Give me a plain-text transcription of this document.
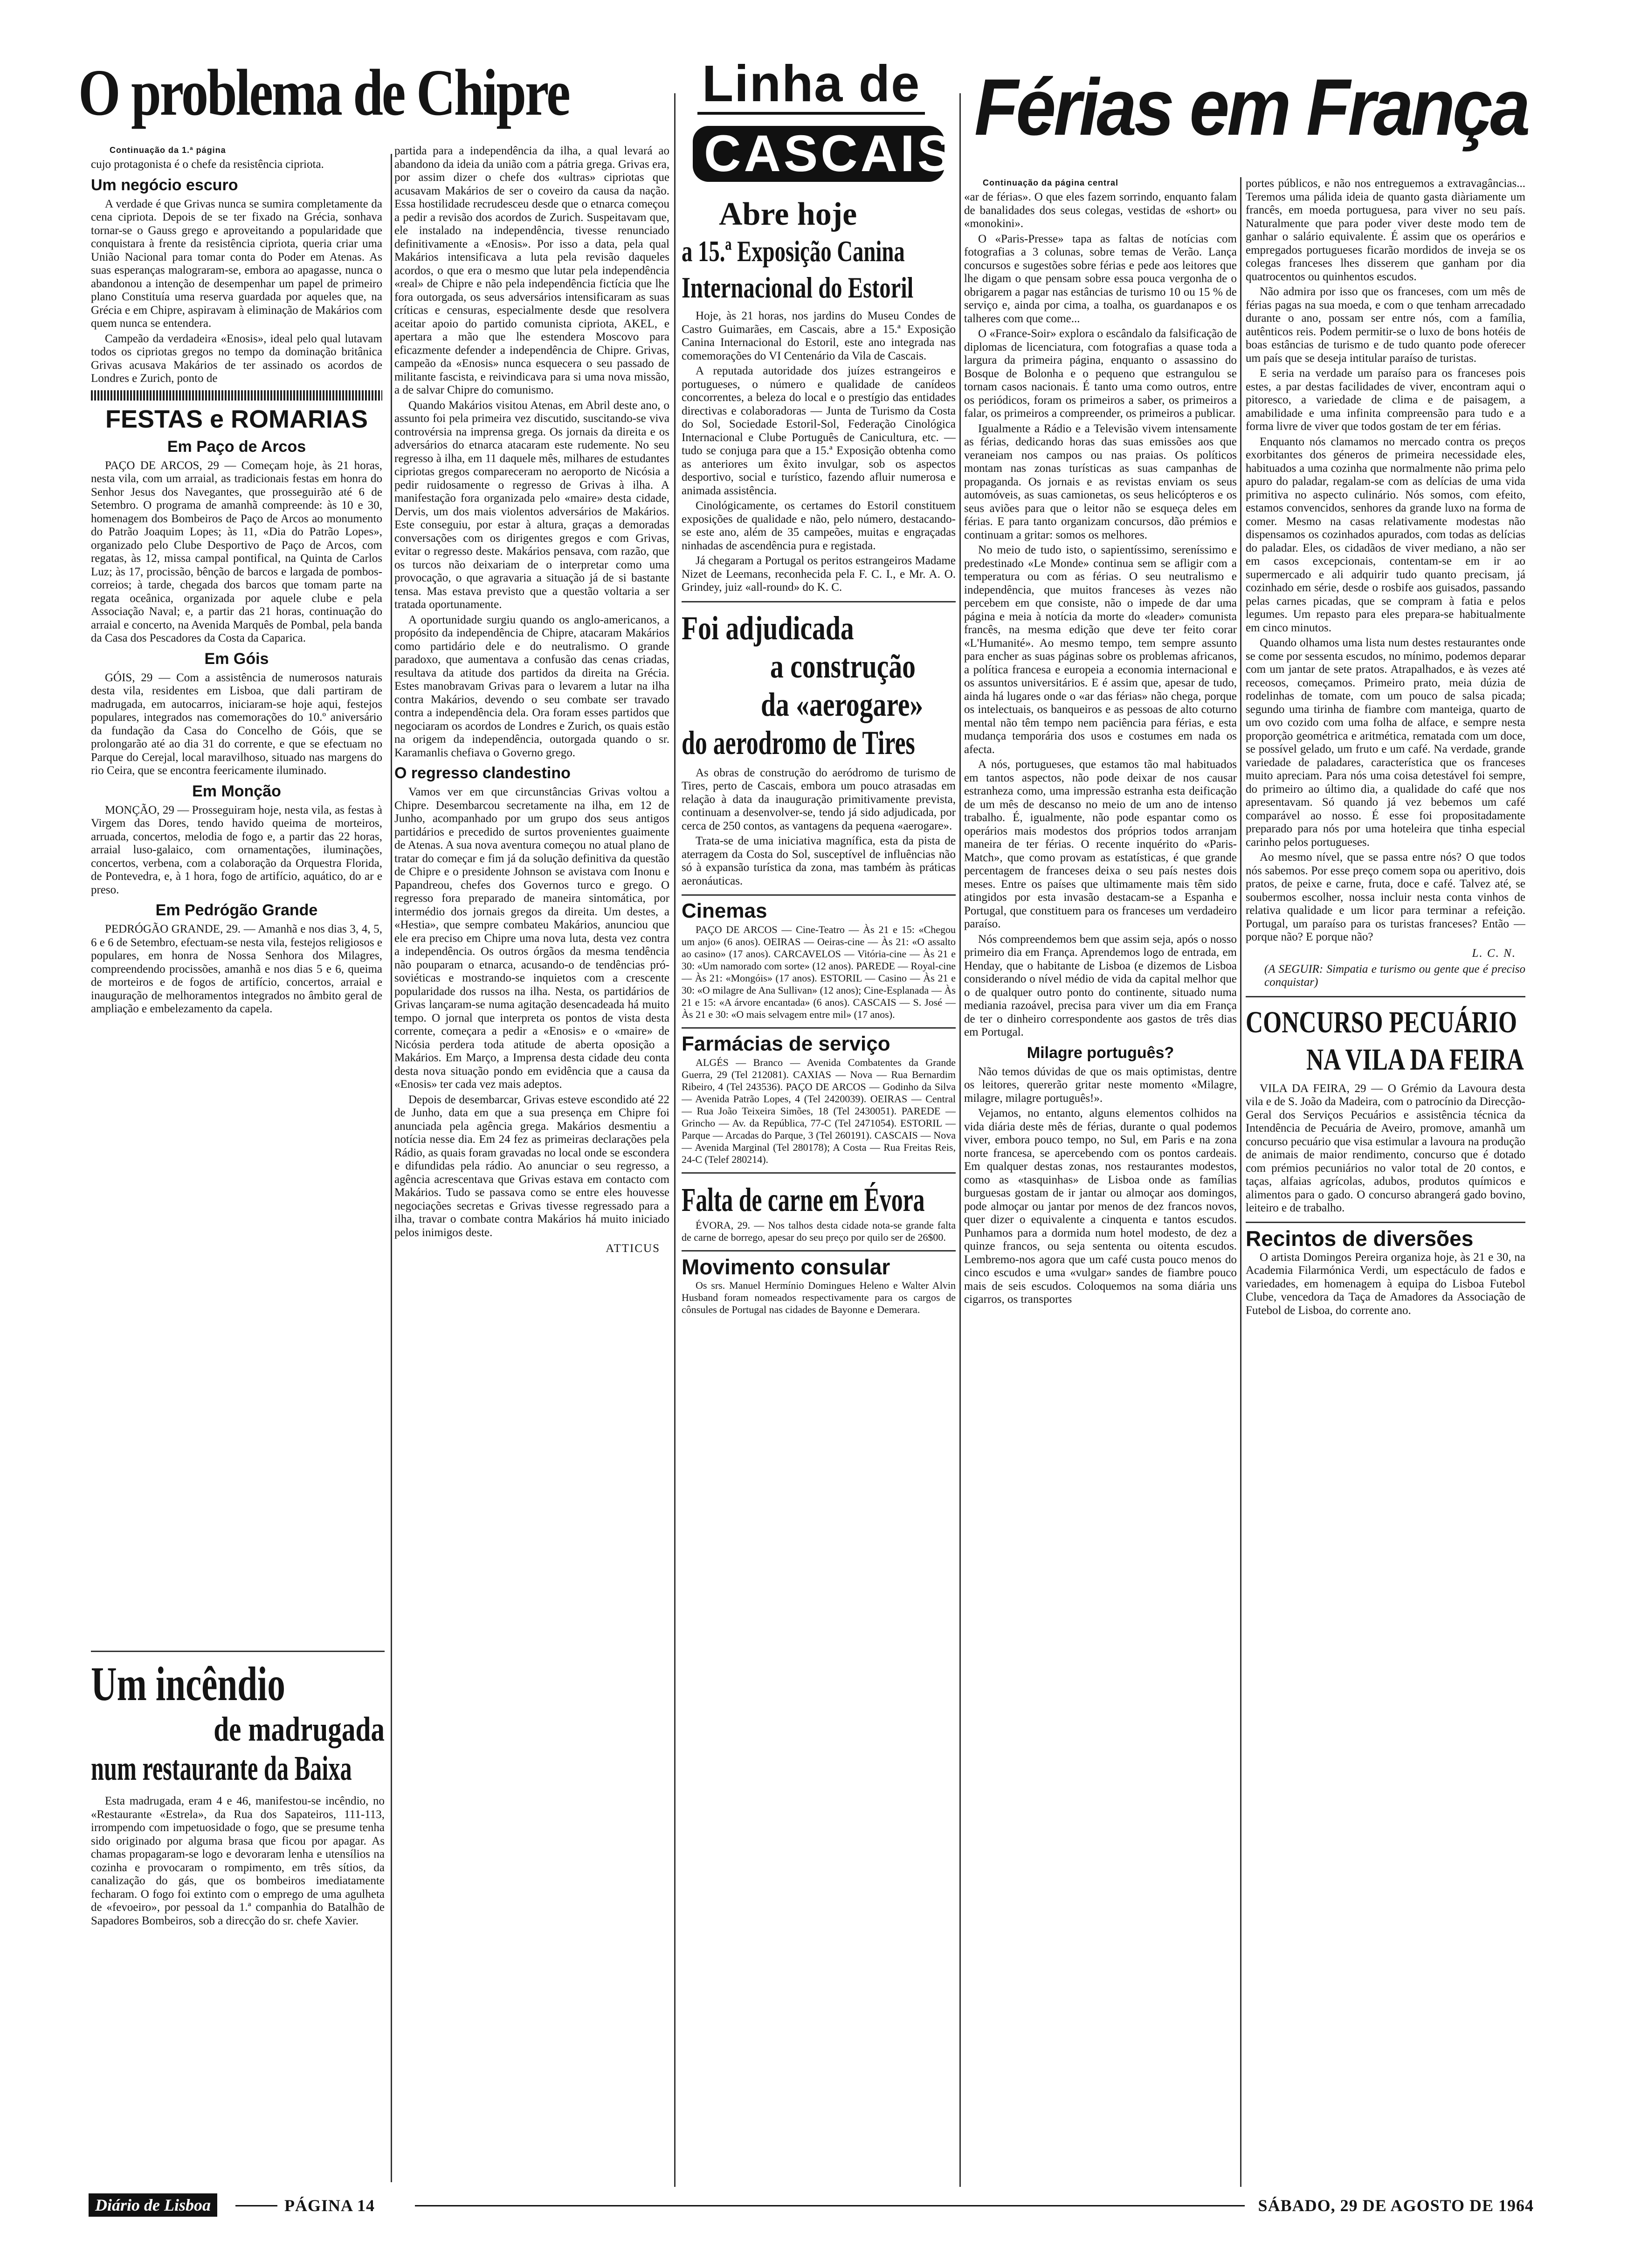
O problema de Chipre	Linha de
CASCAIS
Férias em França
Continuação da 1.ª página

cujo protagonista é o chefe da resistência cipriota.

Um negócio escuro

A verdade é que Grivas nunca se sumira completamente da cena cipriota. Depois de se ter fixado na Grécia, sonhava tornar-se o Gauss grego e aproveitando a popularidade que conquistara à frente da resistência cipriota, queria criar uma União Nacional para tomar conta do Poder em Atenas. As suas esperanças malograram-se, embora ao apagasse, nunca o abandonou a intenção de desempenhar um papel de primeiro plano Constituía uma reserva guardada por aqueles que, na Grécia e em Chipre, aspiravam à eliminação de Makários com quem nunca se entendera.

Campeão da verdadeira «Enosis», ideal pelo qual lutavam todos os cipriotas gregos no tempo da dominação britânica Grivas acusava Makários de ter assinado os acordos de Londres e Zurich, ponto de

FESTAS e ROMARIAS
Em Paço de Arcos

PAÇO DE ARCOS, 29 — Começam hoje, às 21 horas, nesta vila, com um arraial, as tradicionais festas em honra do Senhor Jesus dos Navegantes, que prosseguirão até 6 de Setembro. O programa de amanhã compreende: às 10 e 30, homenagem dos Bombeiros de Paço de Arcos ao monumento do Patrão Joaquim Lopes; às 11, «Dia do Patrão Lopes», organizado pelo Clube Desportivo de Paço de Arcos, com regatas, às 12, missa campal pontifical, na Quinta de Carlos Luz; às 17, procissão, bênção de barcos e largada de pombos-correios; à tarde, chegada dos barcos que tomam parte na regata oceânica, organizada por aquele clube e pela Associação Naval; e, a partir das 21 horas, continuação do arraial e concerto, na Avenida Marquês de Pombal, pela banda da Casa dos Pescadores da Costa da Caparica.

Em Góis

GÓIS, 29 — Com a assistência de numerosos naturais desta vila, residentes em Lisboa, que dali partiram de madrugada, em autocarros, iniciaram-se hoje aqui, festejos populares, integrados nas comemorações do 10.º aniversário da fundação da Casa do Concelho de Góis, que se prolongarão até ao dia 31 do corrente, e que se efectuam no Parque do Cerejal, local maravilhoso, situado nas margens do rio Ceira, que se encontra feericamente iluminado.

Em Monção

MONÇÃO, 29 — Prosseguiram hoje, nesta vila, as festas à Virgem das Dores, tendo havido queima de morteiros, arruada, concertos, melodia de fogo e, a partir das 22 horas, arraial luso-galaico, com ornamentações, iluminações, concertos, verbena, com a colaboração da Orquestra Florida, de Pontevedra, e, à 1 hora, fogo de artifício, aquático, do ar e preso.

Em Pedrógão Grande

PEDRÓGÃO GRANDE, 29. — Amanhã e nos dias 3, 4, 5, 6 e 6 de Setembro, efectuam-se nesta vila, festejos religiosos e populares, em honra de Nossa Senhora dos Milagres, compreendendo procissões, amanhã e nos dias 5 e 6, queima de morteiros e de fogos de artifício, concertos, arraial e inauguração de melhoramentos integrados no âmbito geral de ampliação e embelezamento da capela.

Um incêndio
de madrugada
num restaurante da Baixa

Esta madrugada, eram 4 e 46, manifestou-se incêndio, no «Restaurante «Estrela», da Rua dos Sapateiros, 111-113, irrompendo com impetuosidade o fogo, que se presume tenha sido originado por alguma brasa que ficou por apagar. As chamas propagaram-se logo e devoraram lenha e utensílios na cozinha e provocaram o rompimento, em três sítios, da canalização do gás, que os bombeiros imediatamente fecharam. O fogo foi extinto com o emprego de uma agulheta de «fevoeiro», por pessoal da 1.ª companhia do Batalhão de Sapadores Bombeiros, sob a direcção do sr. chefe Xavier.

partida para a independência da ilha, a qual levará ao abandono da ideia da união com a pátria grega. Grivas era, por assim dizer o chefe dos «ultras» cipriotas que acusavam Makários de ser o coveiro da causa da nação. Essa hostilidade recrudesceu desde que o etnarca começou a pedir a revisão dos acordos de Zurich. Suspeitavam que, ele instalado na independência, tivesse renunciado definitivamente a «Enosis». Por isso a data, pela qual Makários intensificava a luta pela revisão daqueles acordos, o que era o mesmo que lutar pela independência «real» de Chipre e não pela independência fictícia que lhe fora outorgada, os seus adversários intensificaram as suas críticas e censuras, especialmente desde que resolvera aceitar apoio do partido comunista cipriota, AKEL, e apertara a mão que lhe estendera Moscovo para eficazmente defender a independência de Chipre. Grivas, campeão da «Enosis» nunca esquecera o seu passado de militante fascista, e reivindicava para si uma nova missão, a de salvar Chipre do comunismo.

Quando Makários visitou Atenas, em Abril deste ano, o assunto foi pela primeira vez discutido, suscitando-se viva controvérsia na imprensa grega. Os jornais da direita e os adversários do etnarca atacaram este rudemente. No seu regresso à ilha, em 11 daquele mês, milhares de estudantes cipriotas gregos compareceram no aeroporto de Nicósia a pedir ruidosamente o regresso de Grivas à ilha. A manifestação fora organizada pelo «maire» desta cidade, Dervis, um dos mais violentos adversários de Makários. Este conseguiu, por estar à altura, graças a demoradas conversações com os dirigentes gregos e com Grivas, evitar o regresso deste. Makários pensava, com razão, que os turcos não deixariam de o interpretar como uma provocação, o que agravaria a situação já de si bastante tensa. Mas estava previsto que a questão voltaria a ser tratada oportunamente.

A oportunidade surgiu quando os anglo-americanos, a propósito da independência de Chipre, atacaram Makários como partidário dele e do neutralismo. O grande paradoxo, que aumentava a confusão das cenas criadas, resultava da atitude dos partidos da direita na Grécia. Estes manobravam Grivas para o levarem a lutar na ilha contra Makários, devendo o seu combate ser travado contra a independência dela. Ora foram esses partidos que negociaram os acordos de Londres e Zurich, os quais estão na origem da independência, outorgada quando o sr. Karamanlis chefiava o Governo grego.

O regresso clandestino

Vamos ver em que circunstâncias Grivas voltou a Chipre. Desembarcou secretamente na ilha, em 12 de Junho, acompanhado por um grupo dos seus antigos partidários e precedido de surtos provenientes guaimente de Atenas. A sua nova aventura começou no atual plano de tratar do começar e fim já da solução definitiva da questão de Chipre e o presidente Johnson se avistava com Inonu e Papandreou, chefes dos Governos turco e grego. O regresso fora preparado de maneira sintomática, por intermédio dos jornais gregos da direita. Um destes, a «Hestia», que sempre combateu Makários, anunciou que ele era preciso em Chipre uma nova luta, desta vez contra a independência. Os outros órgãos da mesma tendência não pouparam o etnarca, acusando-o de tendências pró-soviéticas e mostrando-se inquietos com a crescente popularidade dos russos na ilha. Nesta, os partidários de Grivas lançaram-se numa agitação desencadeada há muito tempo. O jornal que interpreta os pontos de vista desta corrente, começara a pedir a «Enosis» e o «maire» de Nicósia perdera toda atitude de aberta oposição a Makários. Em Março, a Imprensa desta cidade deu conta desta nova situação pondo em evidência que a causa da «Enosis» ter cada vez mais adeptos.

Depois de desembarcar, Grivas esteve escondido até 22 de Junho, data em que a sua presença em Chipre foi anunciada pela agência grega. Makários desmentiu a notícia nesse dia. Em 24 fez as primeiras declarações pela Rádio, as quais foram gravadas no local onde se escondera e difundidas pela rádio. Ao anunciar o seu regresso, a agência acrescentava que Grivas estava em contacto com Makários. Tudo se passava como se entre eles houvesse negociações secretas e Grivas tivesse regressado para a ilha, travar o combate contra Makários há muito iniciado pelos inimigos deste.

ATTICUS
Abre hoje
a 15.ª Exposição Canina
Internacional do Estoril

Hoje, às 21 horas, nos jardins do Museu Condes de Castro Guimarães, em Cascais, abre a 15.ª Exposição Canina Internacional do Estoril, este ano integrada nas comemorações do VI Centenário da Vila de Cascais.

A reputada autoridade dos juízes estrangeiros e portugueses, o número e qualidade de canídeos concorrentes, a beleza do local e o prestígio das entidades directivas e colaboradoras — Junta de Turismo da Costa do Sol, Sociedade Estoril-Sol, Federação Cinológica Internacional e Clube Português de Canicultura, etc. — tudo se conjuga para que a 15.ª Exposição obtenha como as anteriores um êxito invulgar, sob os aspectos desportivo, social e turístico, fazendo afluir numerosa e animada assistência.

Cinológicamente, os certames do Estoril constituem exposições de qualidade e não, pelo número, destacando-se este ano, além de 35 campeões, muitas e engraçadas ninhadas de ascendência pura e registada.

Já chegaram a Portugal os peritos estrangeiros Madame Nizet de Leemans, reconhecida pela F. C. I., e Mr. A. O. Grindey, juiz «all-round» do K. C.

Foi adjudicada
a construção
da «aerogare»
do aerodromo de Tires

As obras de construção do aeródromo de turismo de Tires, perto de Cascais, embora um pouco atrasadas em relação à data da inauguração primitivamente prevista, continuam a desenvolver-se, tendo já sido adjudicada, por cerca de 250 contos, as vantagens da pequena «aerogare».

Trata-se de uma iniciativa magnífica, esta da pista de aterragem da Costa do Sol, susceptível de influências não só à expansão turística da zona, mas também às práticas aeronáuticas.

Cinemas

PAÇO DE ARCOS — Cine-Teatro — Às 21 e 15: «Chegou um anjo» (6 anos). OEIRAS — Oeiras-cine — Às 21: «O assalto ao casino» (17 anos). CARCAVELOS — Vitória-cine — Às 21 e 30: «Um namorado com sorte» (12 anos). PAREDE — Royal-cine — Às 21: «Mongóis» (17 anos). ESTORIL — Casino — Às 21 e 30: «O milagre de Ana Sullivan» (12 anos); Cine-Esplanada — Às 21 e 15: «A árvore encantada» (6 anos). CASCAIS — S. José — Às 21 e 30: «O mais selvagem entre mil» (17 anos).

Farmácias de serviço

ALGÉS — Branco — Avenida Combatentes da Grande Guerra, 29 (Tel 212081). CAXIAS — Nova — Rua Bernardim Ribeiro, 4 (Tel 243536). PAÇO DE ARCOS — Godinho da Silva — Avenida Patrão Lopes, 4 (Tel 2420039). OEIRAS — Central — Rua João Teixeira Simões, 18 (Tel 2430051). PAREDE — Grincho — Av. da República, 77-C (Tel 2471054). ESTORIL — Parque — Arcadas do Parque, 3 (Tel 260191). CASCAIS — Nova — Avenida Marginal (Tel 280178); A Costa — Rua Freitas Reis, 24-C (Telef 280214).

Falta de carne em Évora

ÉVORA, 29. — Nos talhos desta cidade nota-se grande falta de carne de borrego, apesar do seu preço por quilo ser de 26$00.

Movimento consular

Os srs. Manuel Hermínio Domingues Heleno e Walter Alvin Husband foram nomeados respectivamente para os cargos de cônsules de Portugal nas cidades de Bayonne e Demerara.

Continuação da página central

«ar de férias». O que eles fazem sorrindo, enquanto falam de banalidades dos seus colegas, vestidas de «short» ou «monokini».

O «Paris-Presse» tapa as faltas de notícias com fotografias a 3 colunas, sobre temas de Verão. Lança concursos e sugestões sobre férias e pede aos leitores que lhe digam o que pensam sobre essa pouca vergonha de o obrigarem a pagar nas estâncias de turismo 10 ou 15 % de serviço e, ainda por cima, a toalha, os guardanapos e os talheres com que come...

O «France-Soir» explora o escândalo da falsificação de diplomas de licenciatura, com fotografias a quase toda a largura da primeira página, enquanto o assassino do Bosque de Bolonha e o pequeno que estrangulou se tornam casos nacionais. É tanto uma como outros, entre os periódicos, foram os primeiros a saber, os primeiros a falar, os primeiros a compreender, os primeiros a publicar.

Igualmente a Rádio e a Televisão vivem intensamente as férias, dedicando horas das suas emissões aos que veraneiam nos campos ou nas praias. Os políticos montam nas zonas turísticas as suas campanhas de propaganda. Os jornais e as revistas enviam os seus automóveis, as suas camionetas, os seus helicópteros e os seus aviões para que o leitor não se esqueça deles em férias. E para tanto organizam concursos, dão prémios e continuam a gritar: somos os melhores.

No meio de tudo isto, o sapientíssimo, sereníssimo e predestinado «Le Monde» continua sem se afligir com a temperatura ou com as férias. O seu neutralismo e independência, que muitos franceses às vezes não percebem em que consiste, não o impede de dar uma página e meia à notícia da morte do «leader» comunista francês, na mesma edição que deve ter feito corar «L'Humanité». Ao mesmo tempo, tem sempre assunto para encher as suas páginas sobre os problemas africanos, a política francesa e europeia a economia internacional e os assuntos universitários. E é assim que, apesar de tudo, ainda há lugares onde o «ar das férias» não chega, porque os intelectuais, os banqueiros e as pessoas de alto coturno mental não têm tempo nem paciência para férias, e esta mudança temporária dos usos e costumes em nada os afecta.

A nós, portugueses, que estamos tão mal habituados em tantos aspectos, não pode deixar de nos causar estranheza como, uma impressão estranha esta deificação de um mês de descanso no meio de um ano de intenso trabalho. É, igualmente, não pode espantar como os operários mais modestos dos próprios todos arranjam maneira de ter férias. O recente inquérito do «Paris-Match», que como provam as estatísticas, é que grande percentagem de franceses deixa o seu país nestes dois meses. Entre os países que ultimamente mais têm sido atingidos por esta invasão destacam-se a Espanha e Portugal, que constituem para os franceses um verdadeiro paraíso.

Nós compreendemos bem que assim seja, após o nosso primeiro dia em França. Aprendemos logo de entrada, em Henday, que o habitante de Lisboa (e dizemos de Lisboa considerando o nível médio de vida da capital melhor que o de qualquer outro ponto do continente, situado numa mediania razoável, precisa para viver um dia em França de ter o dinheiro correspondente aos gastos de três dias em Portugal.

Milagre português?

Não temos dúvidas de que os mais optimistas, dentre os leitores, quererão gritar neste momento «Milagre, milagre, milagre português!».

Vejamos, no entanto, alguns elementos colhidos na vida diária deste mês de férias, durante o qual podemos viver, embora pouco tempo, no Sul, em Paris e na zona norte francesa, se apercebendo com os pontos cardeais. Em qualquer destas zonas, nos restaurantes modestos, como as «tasquinhas» de Lisboa onde as famílias burguesas gostam de ir jantar ou almoçar aos domingos, pode almoçar ou jantar por menos de dez francos novos, quer dizer o equivalente a cinquenta e tantos escudos. Punhamos para a dormida num hotel modesto, de dez a quinze francos, ou seja sententa ou oitenta escudos. Lembremo-nos agora que um café custa pouco menos do cinco escudos e uma «vulgar» sandes de fiambre pouco mais de seis escudos. Coloquemos na soma diária uns cigarros, os transportes

portes públicos, e não nos entreguemos a extravagâncias... Teremos uma pálida ideia de quanto gasta diàriamente um francês, em moeda portuguesa, para viver no seu país. Naturalmente que para poder viver deste modo tem de ganhar o salário equivalente. É assim que os operários e empregados portugueses ficarão mordidos de inveja se os colegas franceses lhes disserem que ganham por dia quatrocentos ou quinhentos escudos.

Não admira por isso que os franceses, com um mês de férias pagas na sua moeda, e com o que tenham arrecadado durante o ano, possam ser entre nós, com a família, autênticos reis. Podem permitir-se o luxo de bons hotéis de boas estâncias de turismo e de tudo quanto pode oferecer um país que se deseja intitular paraíso de turistas.

E seria na verdade um paraíso para os franceses pois estes, a par destas facilidades de viver, encontram aqui o pitoresco, a variedade de clima e de paisagem, a amabilidade e uma infinita compreensão para tudo e a forma livre de viver que todos gostam de ter em férias.

Enquanto nós clamamos no mercado contra os preços exorbitantes dos géneros de primeira necessidade eles, habituados a uma cozinha que normalmente não prima pelo apuro do paladar, regalam-se com as delícias de uma vida primitiva no aspecto culinário. Nós somos, com efeito, estamos convencidos, senhores da grande luxo na forma de comer. Mesmo na casas relativamente modestas não dispensamos os cozinhados apurados, com todas as delícias do paladar. Eles, os cidadãos de viver mediano, a não ser em casos excepcionais, contentam-se em ir ao supermercado e ali adquirir tudo quanto precisam, já cozinhado em série, desde o rosbife aos guisados, passando pelas carnes picadas, que se compram à fatia e pelos legumes. Um repasto para eles prepara-se habitualmente em cinco minutos.

Quando olhamos uma lista num destes restaurantes onde se come por sessenta escudos, no mínimo, podemos deparar com um jantar de sete pratos. Atrapalhados, e às vezes até receosos, começamos. Primeiro prato, meia dúzia de rodelinhas de tomate, com um pouco de salsa picada; segundo uma tirinha de fiambre com manteiga, quarto de um ovo cozido com uma folha de alface, e sempre nesta proporção geométrica e aritmética, rematada com um doce, se possível gelado, um fruto e um café. Na verdade, grande variedade de paladares, característica que os franceses muito apreciam. Para nós uma coisa detestável foi sempre, do primeiro ao último dia, a qualidade do café que nos apresentavam. Só quando já vez bebemos um café comparável ao nosso. É esse foi propositadamente preparado para nós por uma hoteleira que tinha especial carinho pelos portugueses.

Ao mesmo nível, que se passa entre nós? O que todos nós sabemos. Por esse preço comem sopa ou aperitivo, dois pratos, de peixe e carne, fruta, doce e café. Talvez até, se soubermos escolher, nossa incluir nesta conta vinhos de relativa qualidade e um licor para terminar a refeição. Portugal, um paraíso para os turistas franceses? Então — porque não? E porque não?

L. C. N.

(A SEGUIR: Simpatia e turismo ou gente que é preciso conquistar)

CONCURSO PECUÁRIO
NA VILA DA FEIRA

VILA DA FEIRA, 29 — O Grémio da Lavoura desta vila e de S. João da Madeira, com o patrocínio da Direcção-Geral dos Serviços Pecuários e assistência técnica da Intendência de Pecuária de Aveiro, promove, amanhã um concurso pecuário que visa estimular a lavoura na produção de animais de maior rendimento, concurso que é dotado com prémios pecuniários no valor total de 20 contos, e taças, alfaias agrícolas, adubos, produtos químicos e alimentos para o gado. O concurso abrangerá gado bovino, leiteiro e de trabalho.

Recintos de diversões

O artista Domingos Pereira organiza hoje, às 21 e 30, na Academia Filarmónica Verdi, um espectáculo de fados e variedades, em homenagem à equipa do Lisboa Futebol Clube, vencedora da Taça de Amadores da Associação de Futebol de Lisboa, do corrente ano.

Diário de Lisboa	PÁGINA 14	SÁBADO, 29 DE AGOSTO DE 1964
